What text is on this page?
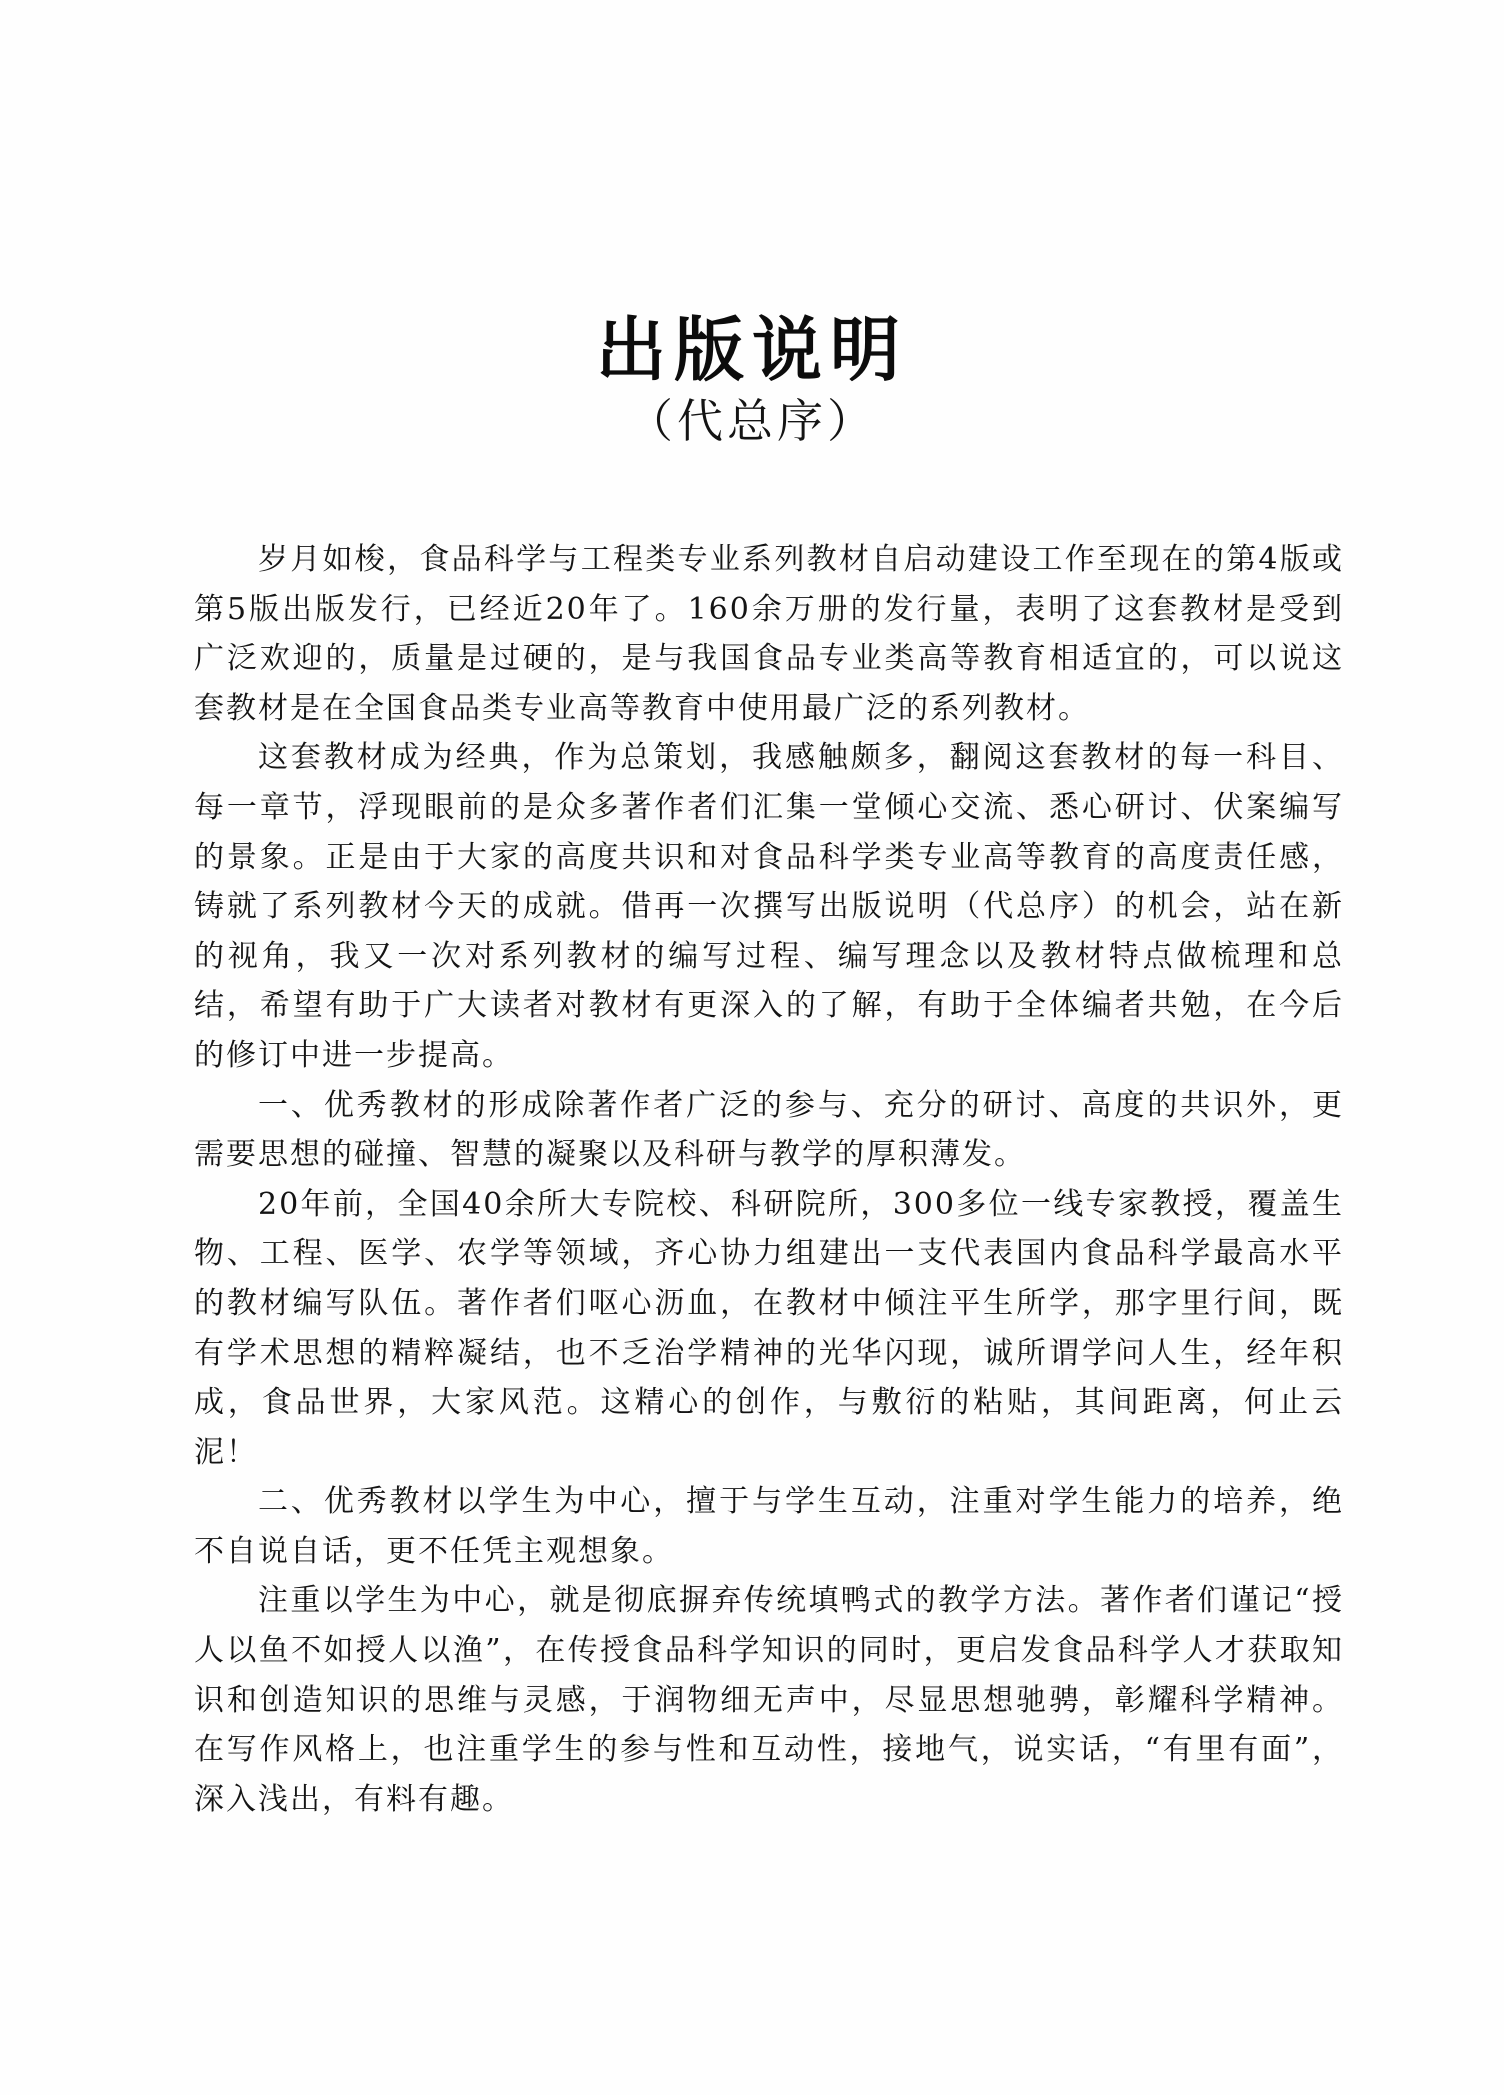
出版说明
（代总序）

岁月如梭，食品科学与工程类专业系列教材自启动建设工作至现在的第4版或第5版出版发行，已经近20年了。160余万册的发行量，表明了这套教材是受到广泛欢迎的，质量是过硬的，是与我国食品专业类高等教育相适宜的，可以说这套教材是在全国食品类专业高等教育中使用最广泛的系列教材。

这套教材成为经典，作为总策划，我感触颇多，翻阅这套教材的每一科目、每一章节，浮现眼前的是众多著作者们汇集一堂倾心交流、悉心研讨、伏案编写的景象。正是由于大家的高度共识和对食品科学类专业高等教育的高度责任感，铸就了系列教材今天的成就。借再一次撰写出版说明（代总序）的机会，站在新的视角，我又一次对系列教材的编写过程、编写理念以及教材特点做梳理和总结，希望有助于广大读者对教材有更深入的了解，有助于全体编者共勉，在今后的修订中进一步提高。

一、优秀教材的形成除著作者广泛的参与、充分的研讨、高度的共识外，更需要思想的碰撞、智慧的凝聚以及科研与教学的厚积薄发。

20年前，全国40余所大专院校、科研院所，300多位一线专家教授，覆盖生物、工程、医学、农学等领域，齐心协力组建出一支代表国内食品科学最高水平的教材编写队伍。著作者们呕心沥血，在教材中倾注平生所学，那字里行间，既有学术思想的精粹凝结，也不乏治学精神的光华闪现，诚所谓学问人生，经年积成，食品世界，大家风范。这精心的创作，与敷衍的粘贴，其间距离，何止云泥！

二、优秀教材以学生为中心，擅于与学生互动，注重对学生能力的培养，绝不自说自话，更不任凭主观想象。

注重以学生为中心，就是彻底摒弃传统填鸭式的教学方法。著作者们谨记“授人以鱼不如授人以渔”，在传授食品科学知识的同时，更启发食品科学人才获取知识和创造知识的思维与灵感，于润物细无声中，尽显思想驰骋，彰耀科学精神。在写作风格上，也注重学生的参与性和互动性，接地气，说实话，“有里有面”，深入浅出，有料有趣。
